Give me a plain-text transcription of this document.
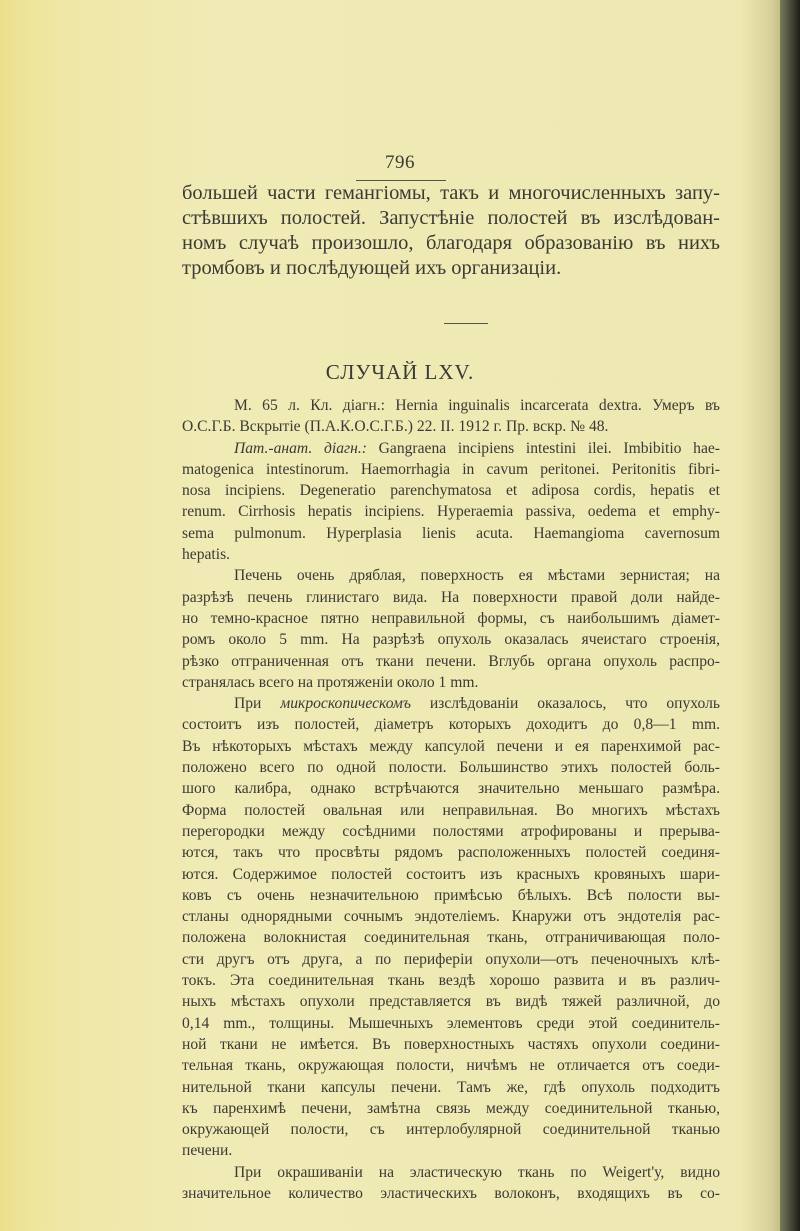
796
большей части гемангіомы, такъ и многочисленныхъ запу-
стѣвшихъ полостей. Запустѣніе полостей въ изслѣдован-
номъ случаѣ произошло, благодаря образованію въ нихъ
тромбовъ и послѣдующей ихъ организаціи.
СЛУЧАЙ LXV.
М. 65 л. Кл. діагн.: Hernia inguinalis incarcerata dextra. Умеръ въ
О.С.Г.Б. Вскрытіе (П.А.К.О.С.Г.Б.) 22. II. 1912 г. Пр. вскр. № 48.
Пат.-анат. діагн.: Gangraena incipiens intestini ilei. Imbibitio hae-
matogenica intestinorum. Haemorrhagia in cavum peritonei. Peritonitis fibri-
nosa incipiens. Degeneratio parenchymatosa et adiposa cordis, hepatis et
renum. Cirrhosis hepatis incipiens. Hyperaemia passiva, oedema et emphy-
sema pulmonum. Hyperplasia lienis acuta. Haemangioma cavernosum
hepatis.
Печень очень дряблая, поверхность ея мѣстами зернистая; на
разрѣзѣ печень глинистаго вида. На поверхности правой доли найде-
но темно-красное пятно неправильной формы, съ наибольшимъ діамет-
ромъ около 5 mm. На разрѣзѣ опухоль оказалась ячеистаго строенія,
рѣзко отграниченная отъ ткани печени. Вглубь органа опухоль распро-
странялась всего на протяженіи около 1 mm.
При микроскопическомъ изслѣдованіи оказалось, что опухоль
состоитъ изъ полостей, діаметръ которыхъ доходитъ до 0,8—1 mm.
Въ нѣкоторыхъ мѣстахъ между капсулой печени и ея паренхимой рас-
положено всего по одной полости. Большинство этихъ полостей боль-
шого калибра, однако встрѣчаются значительно меньшаго размѣра.
Форма полостей овальная или неправильная. Во многихъ мѣстахъ
перегородки между сосѣдними полостями атрофированы и прерыва-
ются, такъ что просвѣты рядомъ расположенныхъ полостей соединя-
ются. Содержимое полостей состоитъ изъ красныхъ кровяныхъ шари-
ковъ съ очень незначительною примѣсью бѣлыхъ. Всѣ полости вы-
стланы однорядными сочнымъ эндотеліемъ. Кнаружи отъ эндотелія рас-
положена волокнистая соединительная ткань, отграничивающая поло-
сти другъ отъ друга, а по периферіи опухоли—отъ печеночныхъ клѣ-
токъ. Эта соединительная ткань вездѣ хорошо развита и въ различ-
ныхъ мѣстахъ опухоли представляется въ видѣ тяжей различной, до
0,14 mm., толщины. Мышечныхъ элементовъ среди этой соединитель-
ной ткани не имѣется. Въ поверхностныхъ частяхъ опухоли соедини-
тельная ткань, окружающая полости, ничѣмъ не отличается отъ соеди-
нительной ткани капсулы печени. Тамъ же, гдѣ опухоль подходитъ
къ паренхимѣ печени, замѣтна связь между соединительной тканью,
окружающей полости, съ интерлобулярной соединительной тканью
печени.
При окрашиваніи на эластическую ткань по Weigert'у, видно
значительное количество эластическихъ волоконъ, входящихъ въ со-
